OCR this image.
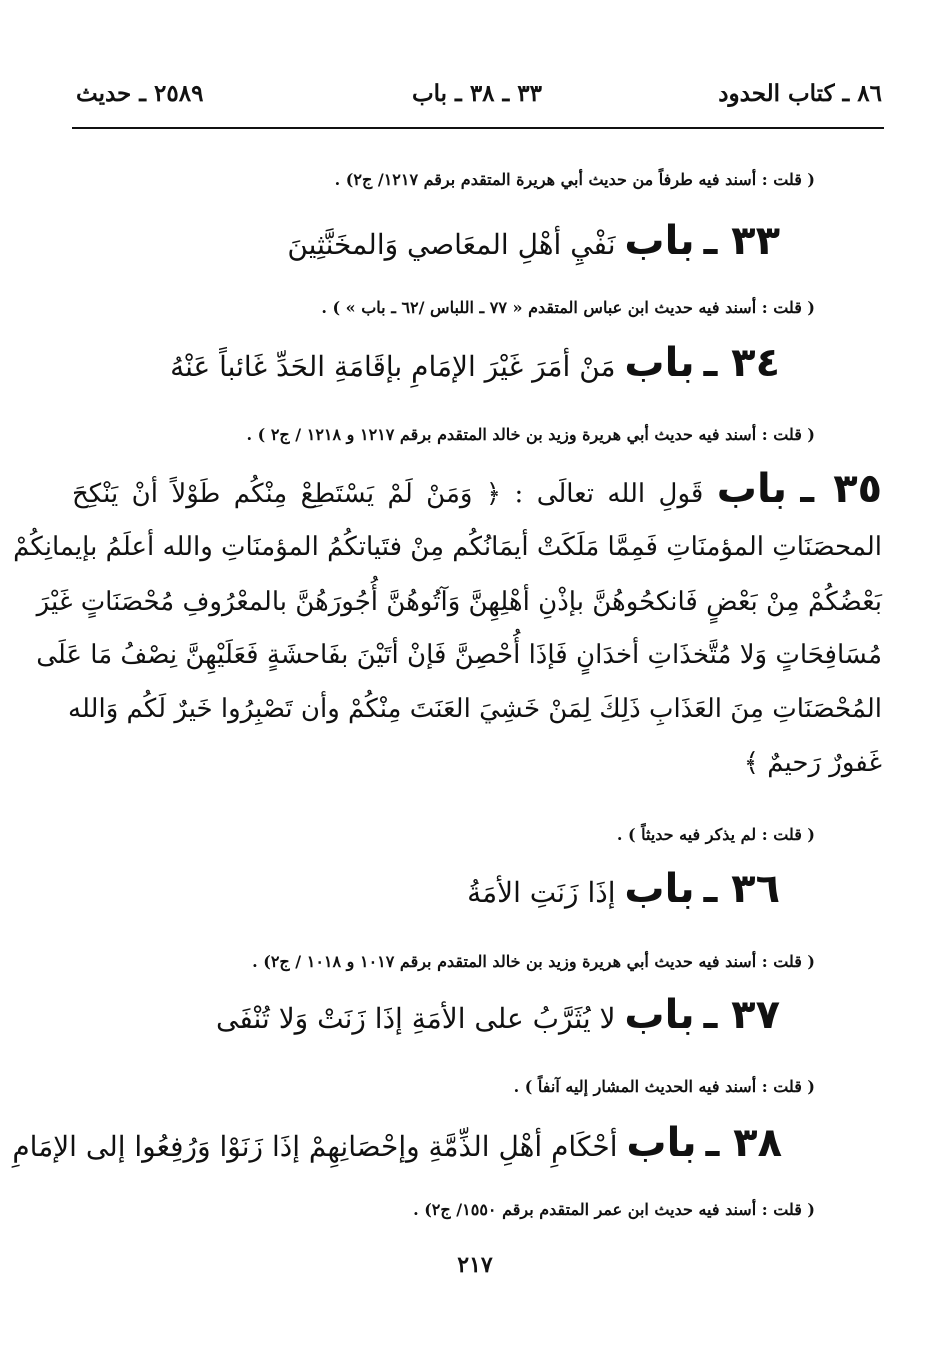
٨٦ ـ كتاب الحدود
٣٣ ـ ٣٨ ـ باب
٢٥٨٩ ـ حديث
( قلت : أسند فيه طرفاً من حديث أبي هريرة المتقدم برقم ١٢١٧/ ج٢) .
٣٣ ـ باب نَفْيِ أهْلِ المعَاصي وَالمخَنَّثِينَ
( قلت : أسند فيه حديث ابن عباس المتقدم « ٧٧ ـ اللباس /٦٢ ـ باب » ) .
٣٤ ـ باب مَنْ أمَرَ غَيْرَ الإمَامِ بإقَامَةِ الحَدِّ غَائباً عَنْهُ
( قلت : أسند فيه حديث أبي هريرة وزيد بن خالد المتقدم برقم ١٢١٧ و ١٢١٨ / ج٢ ) .
٣٥ ـ باب قَولِ الله تعالَى : ﴿ وَمَنْ لَمْ يَسْتَطِعْ مِنْكُم طَوْلاً أنْ يَنْكِحَ
المحصَنَاتِ المؤمنَاتِ فَمِمَّا مَلَكَتْ أيمَانُكُم مِنْ فتَياتكُمُ المؤمنَاتِ والله أعلَمُ بإيمانِكُمْ
بَعْضُكُمْ مِنْ بَعْضٍ فَانكحُوهُنَّ بإذْنِ أهْلِهِنَّ وَآتُوهُنَّ أُجُورَهُنَّ بالمعْرُوفِ مُحْصَنَاتٍ غَيْرَ
مُسَافِحَاتٍ وَلا مُتَّخذَاتِ أخدَانٍ فَإذَا أُحْصِنَّ فَإنْ أتَيْنَ بفَاحشَةٍ فَعَلَيْهِنَّ نِصْفُ مَا عَلَى
المُحْصَنَاتِ مِنَ العَذَابِ ذَلِكَ لِمَنْ خَشِيَ العَنَتَ مِنْكُمْ وأن تَصْبِرُوا خَيرٌ لَكُم وَالله
غَفورٌ رَحيمٌ ﴾
( قلت : لم يذكر فيه حديثاً ) .
٣٦ ـ باب إذَا زَنَتِ الأمَةُ
( قلت : أسند فيه حديث أبي هريرة وزيد بن خالد المتقدم برقم ١٠١٧ و ١٠١٨ / ج٢) .
٣٧ ـ باب لا يُثَرَّبُ على الأمَةِ إذَا زَنَتْ وَلا تُنْفَى
( قلت : أسند فيه الحديث المشار إليه آنفاً ) .
٣٨ ـ باب أحْكَامِ أهْلِ الذِّمَّةِ وإحْصَانِهِمْ إذَا زَنَوْا وَرُفِعُوا إلى الإمَامِ
( قلت : أسند فيه حديث ابن عمر المتقدم برقم ١٥٥٠/ ج٢) .
٢١٧
